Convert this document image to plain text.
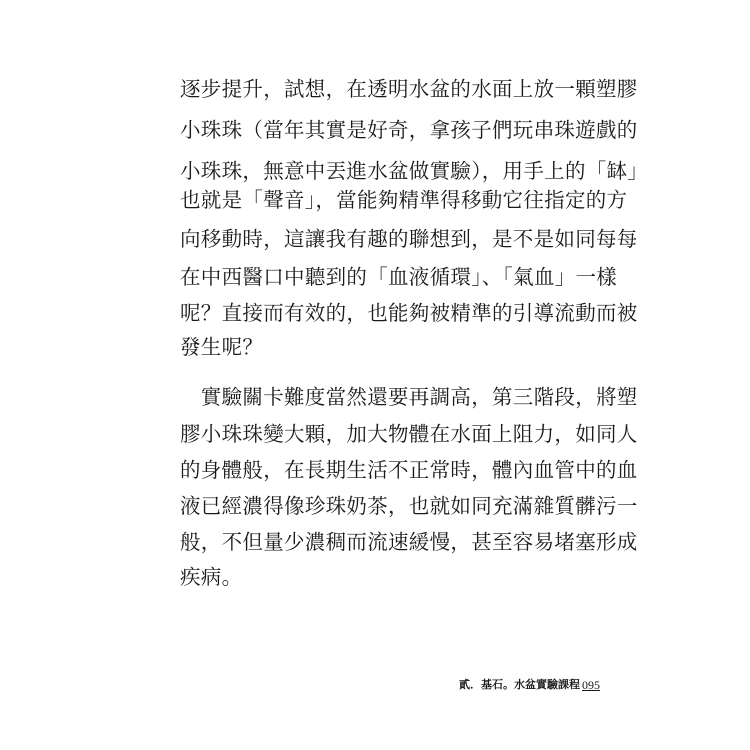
逐步提升，試想，在透明水盆的水面上放一顆塑膠
小珠珠（當年其實是好奇，拿孩子們玩串珠遊戲的
小珠珠，無意中丟進水盆做實驗），用手上的「缽」
也就是「聲音」，當能夠精準得移動它往指定的方
向移動時，這讓我有趣的聯想到，是不是如同每每
在中西醫口中聽到的「血液循環」、「氣血」一樣
呢？直接而有效的，也能夠被精準的引導流動而被
發生呢？
　實驗關卡難度當然還要再調高，第三階段，將塑
膠小珠珠變大顆，加大物體在水面上阻力，如同人
的身體般，在長期生活不正常時，體內血管中的血
液已經濃得像珍珠奶茶，也就如同充滿雜質髒污一
般，不但量少濃稠而流速緩慢，甚至容易堵塞形成
疾病。
貳．基石。水盆實驗課程 095
